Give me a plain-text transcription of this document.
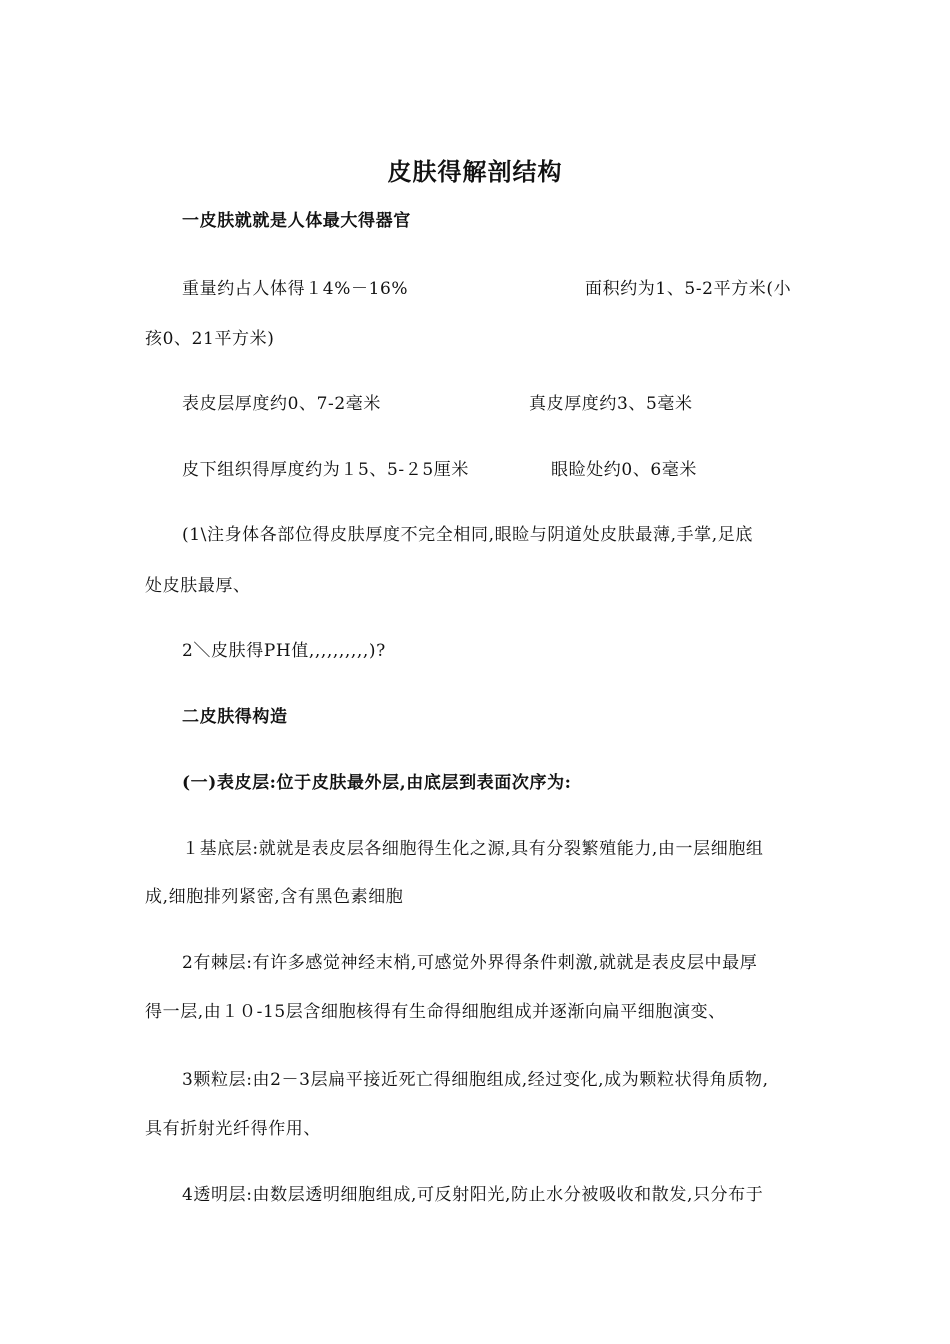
皮肤得解剖结构
一皮肤就就是人体最大得器官
重量约占人体得１4%－16%	面积约为1、5-2平方米(小
孩0、21平方米)
表皮层厚度约0、7-2毫米	真皮厚度约3、5毫米
皮下组织得厚度约为１5、5-２5厘米	眼睑处约0、6毫米
(1\注身体各部位得皮肤厚度不完全相同,眼睑与阴道处皮肤最薄,手掌,足底
处皮肤最厚、
2＼皮肤得PH值,,,,,,,,,,)?
二皮肤得构造
(一)表皮层:位于皮肤最外层,由底层到表面次序为:
１基底层:就就是表皮层各细胞得生化之源,具有分裂繁殖能力,由一层细胞组
成,细胞排列紧密,含有黑色素细胞
2有棘层:有许多感觉神经末梢,可感觉外界得条件刺激,就就是表皮层中最厚
得一层,由１０-15层含细胞核得有生命得细胞组成并逐渐向扁平细胞演变、
3颗粒层:由2－3层扁平接近死亡得细胞组成,经过变化,成为颗粒状得角质物,
具有折射光纤得作用、
4透明层:由数层透明细胞组成,可反射阳光,防止水分被吸收和散发,只分布于
